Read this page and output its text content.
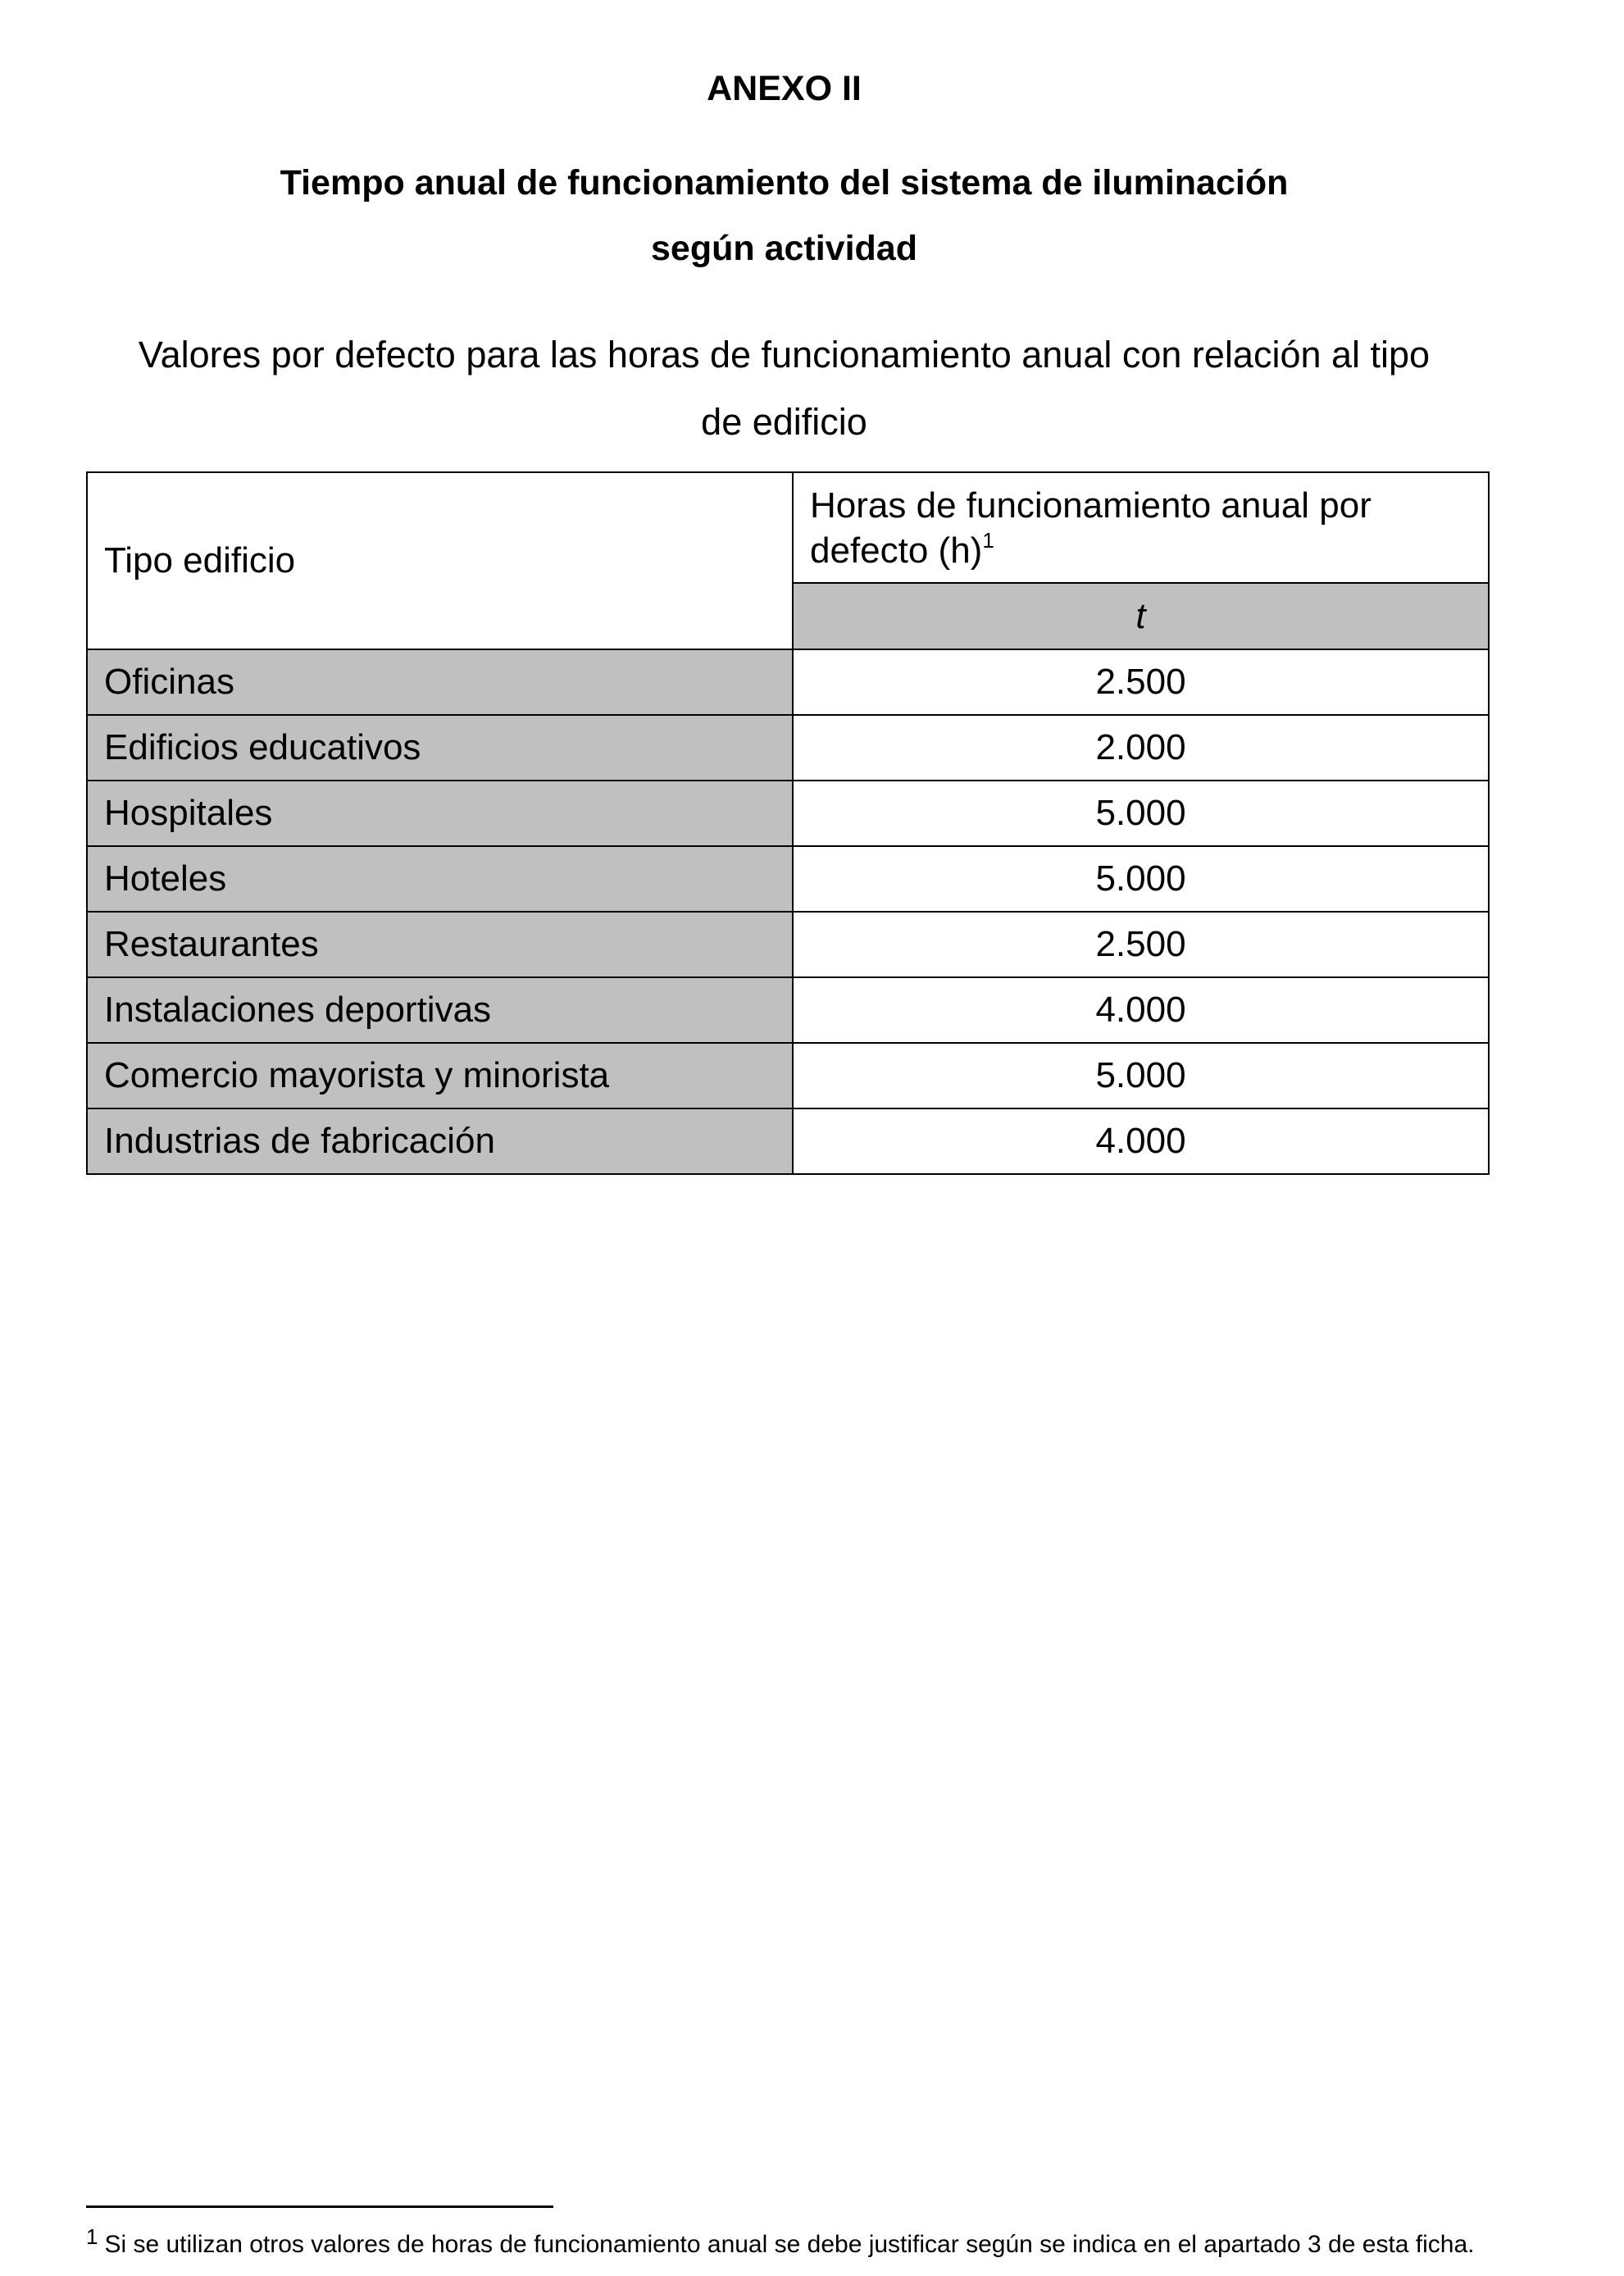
ANEXO II
Tiempo anual de funcionamiento del sistema de iluminación
según actividad
Valores por defecto para las horas de funcionamiento anual con relación al tipo
de edificio
Tipo edificio	Horas de funcionamiento anual por defecto (h)$^1$
	t
Oficinas	2.500
Edificios educativos	2.000
Hospitales	5.000
Hoteles	5.000
Restaurantes	2.500
Instalaciones deportivas	4.000
Comercio mayorista y minorista	5.000
Industrias de fabricación	4.000
$^1$ Si se utilizan otros valores de horas de funcionamiento anual se debe justificar según se indica en el apartado 3 de esta ficha.
